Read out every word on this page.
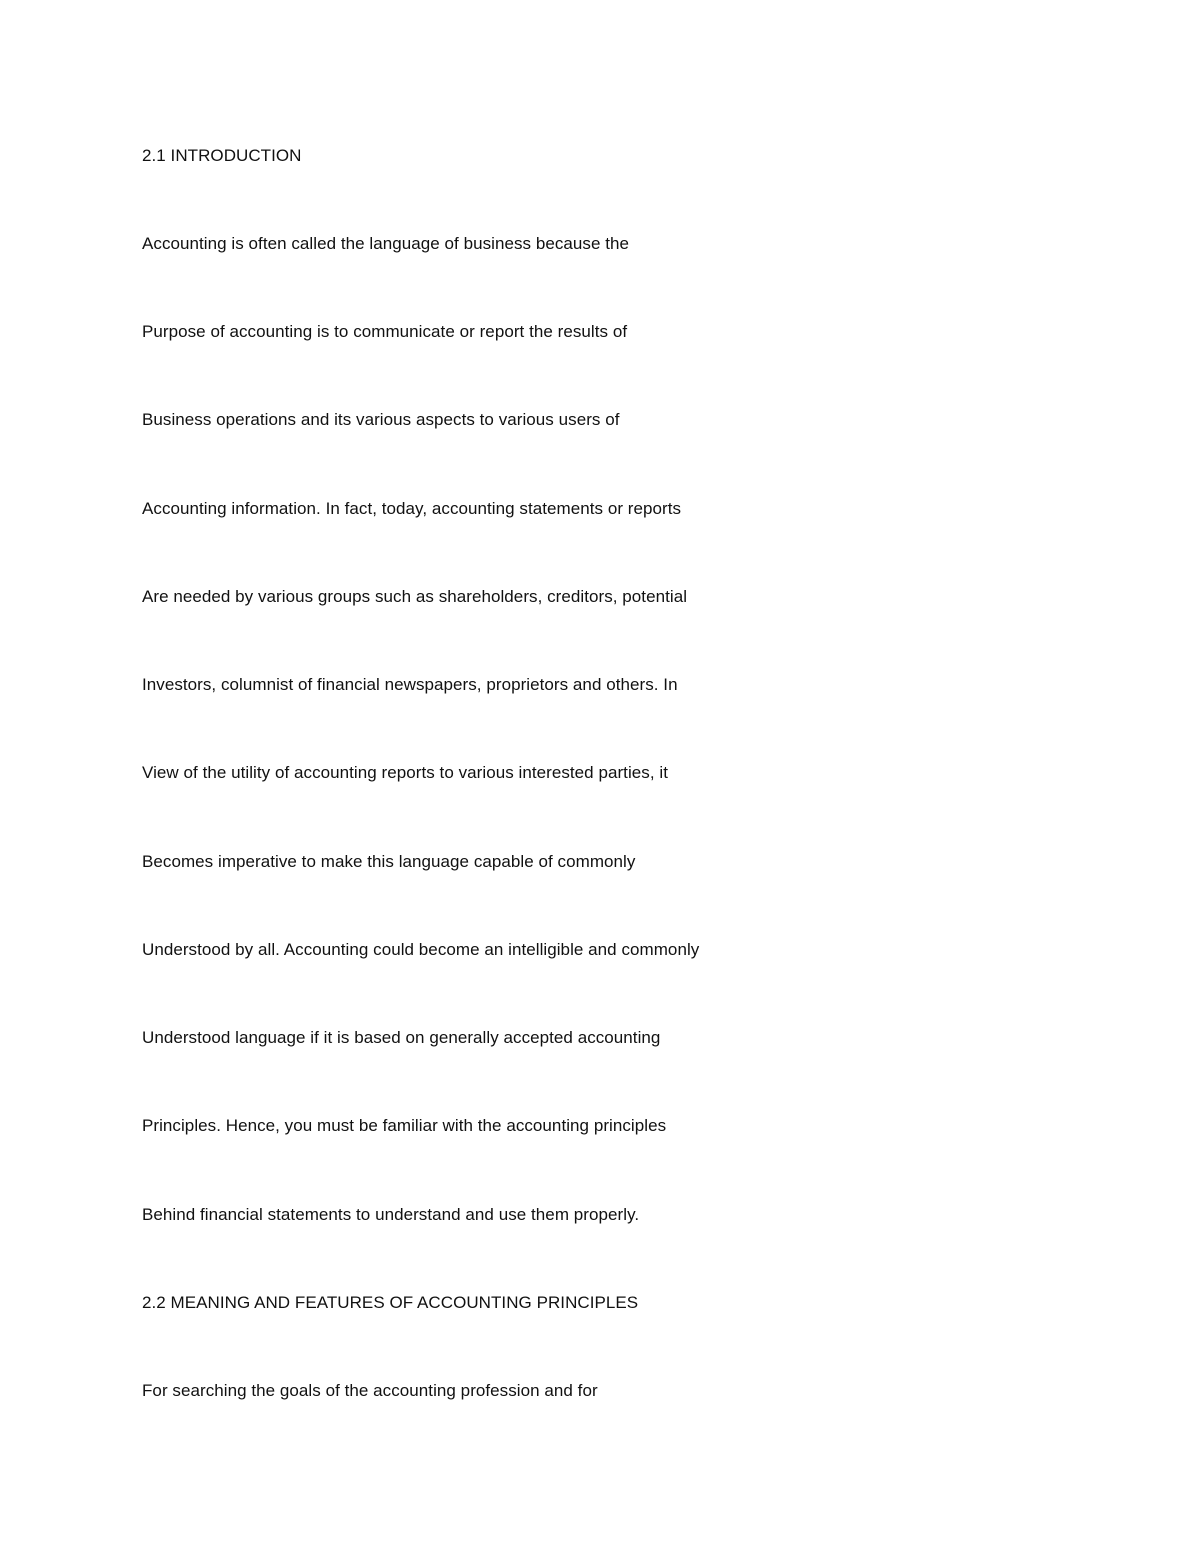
2.1 INTRODUCTION

Accounting is often called the language of business because the

Purpose of accounting is to communicate or report the results of

Business operations and its various aspects to various users of

Accounting information. In fact, today, accounting statements or reports

Are needed by various groups such as shareholders, creditors, potential

Investors, columnist of financial newspapers, proprietors and others. In

View of the utility of accounting reports to various interested parties, it

Becomes imperative to make this language capable of commonly

Understood by all. Accounting could become an intelligible and commonly

Understood language if it is based on generally accepted accounting

Principles. Hence, you must be familiar with the accounting principles

Behind financial statements to understand and use them properly.

2.2 MEANING AND FEATURES OF ACCOUNTING PRINCIPLES

For searching the goals of the accounting profession and for
